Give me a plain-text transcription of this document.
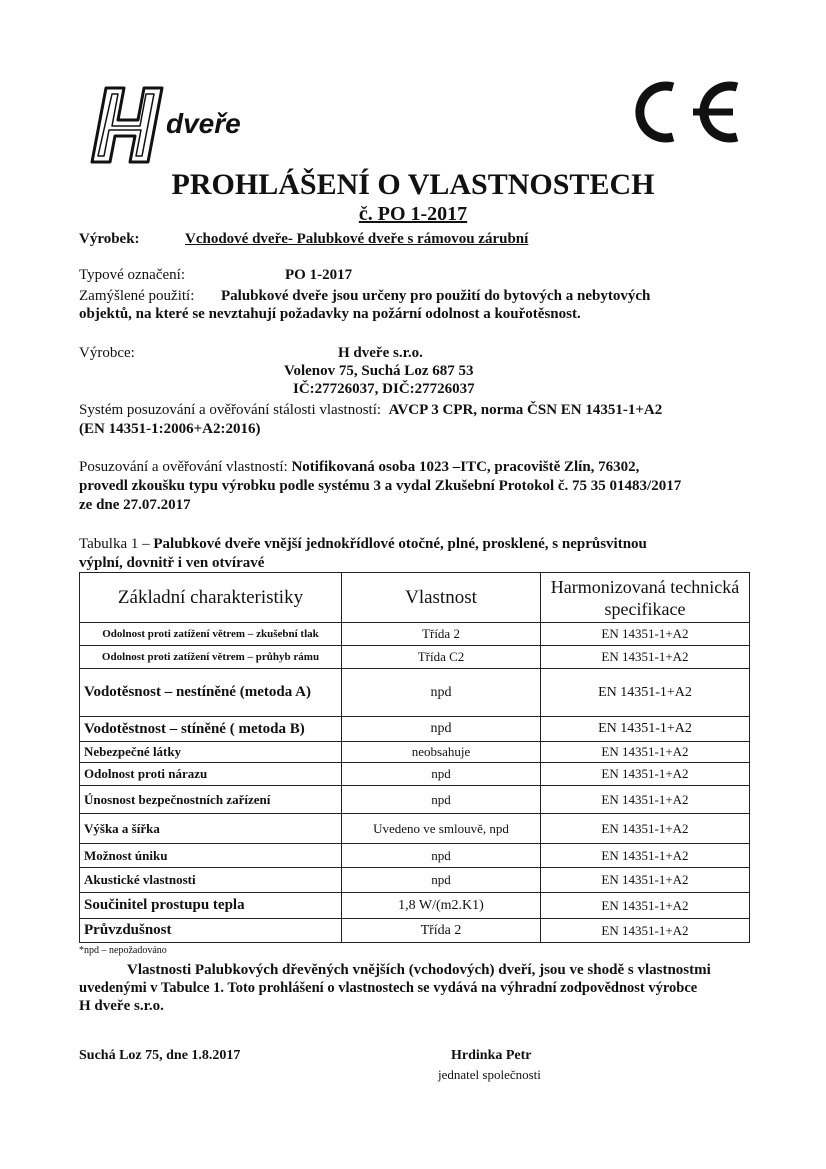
dveře
PROHLÁŠENÍ O VLASTNOSTECH
č. PO 1-2017
Výrobek:	Vchodové dveře- Palubkové dveře s rámovou zárubní
Typové označení:	PO 1-2017
Zamýšlené použití: Palubkové dveře jsou určeny pro použití do bytových a nebytových
objektů, na které se nevztahují požadavky na požární odolnost a kouřotěsnost.
Výrobce:	H dveře s.r.o.
Volenov 75, Suchá Loz 687 53
IČ:27726037, DIČ:27726037
Systém posuzování a ověřování stálosti vlastností: AVCP 3 CPR, norma ČSN EN 14351-1+A2
(EN 14351-1:2006+A2:2016)
Posuzování a ověřování vlastností: Notifikovaná osoba 1023 –ITC, pracoviště Zlín, 76302,
provedl zkoušku typu výrobku podle systému 3 a vydal Zkušební Protokol č. 75 35 01483/2017
ze dne 27.07.2017
Tabulka 1 – Palubkové dveře vnější jednokřídlové otočné, plné, prosklené, s neprůsvitnou
výplní, dovnitř i ven otvíravé
Základní charakteristiky	Vlastnost	Harmonizovaná technická specifikace
Odolnost proti zatížení větrem – zkušební tlak	Třída 2	EN 14351-1+A2
Odolnost proti zatížení větrem – průhyb rámu	Třída C2	EN 14351-1+A2
Vodotěsnost – nestíněné (metoda A)	npd	EN 14351-1+A2
Vodotěstnost – stíněné ( metoda B)	npd	EN 14351-1+A2
Nebezpečné látky	neobsahuje	EN 14351-1+A2
Odolnost proti nárazu	npd	EN 14351-1+A2
Únosnost bezpečnostních zařízení	npd	EN 14351-1+A2
Výška a šířka	Uvedeno ve smlouvě, npd	EN 14351-1+A2
Možnost úniku	npd	EN 14351-1+A2
Akustické vlastnosti	npd	EN 14351-1+A2
Součinitel prostupu tepla	1,8 W/(m2.K1)	EN 14351-1+A2
Průvzdušnost	Třída 2	EN 14351-1+A2
*npd – nepožadováno
Vlastnosti Palubkových dřevěných vnějších (vchodových) dveří, jsou ve shodě s vlastnostmi
uvedenými v Tabulce 1. Toto prohlášení o vlastnostech se vydává na výhradní zodpovědnost výrobce
H dveře s.r.o.
Suchá Loz 75, dne 1.8.2017	Hrdinka Petr
jednatel společnosti
